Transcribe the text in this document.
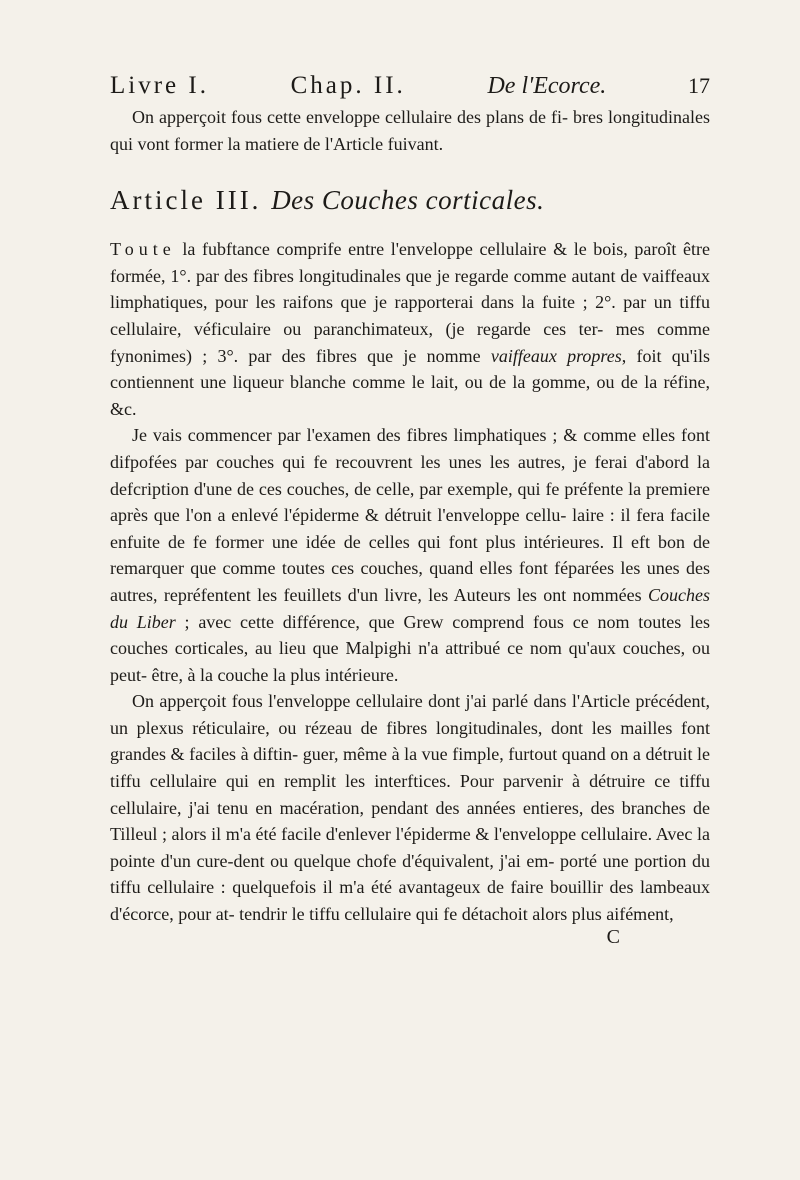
Livre I.	Chap. II.	De l'Ecorce.	17

On apperçoit fous cette enveloppe cellulaire des plans de fi- bres longitudinales qui vont former la matiere de l'Article fuivant.

Article III. Des Couches corticales.

Toute la fubftance comprife entre l'enveloppe cellulaire & le bois, paroît être formée, 1°. par des fibres longitudinales que je regarde comme autant de vaiffeaux limphatiques, pour les raifons que je rapporterai dans la fuite ; 2°. par un tiffu cellulaire, véficulaire ou paranchimateux, (je regarde ces ter- mes comme fynonimes) ; 3°. par des fibres que je nomme vaiffeaux propres, foit qu'ils contiennent une liqueur blanche comme le lait, ou de la gomme, ou de la réfine, &c.

Je vais commencer par l'examen des fibres limphatiques ; & comme elles font difpofées par couches qui fe recouvrent les unes les autres, je ferai d'abord la defcription d'une de ces couches, de celle, par exemple, qui fe préfente la premiere après que l'on a enlevé l'épiderme & détruit l'enveloppe cellu- laire : il fera facile enfuite de fe former une idée de celles qui font plus intérieures. Il eft bon de remarquer que comme toutes ces couches, quand elles font féparées les unes des autres, repréfentent les feuillets d'un livre, les Auteurs les ont nommées Couches du Liber ; avec cette différence, que Grew comprend fous ce nom toutes les couches corticales, au lieu que Malpighi n'a attribué ce nom qu'aux couches, ou peut- être, à la couche la plus intérieure.

On apperçoit fous l'enveloppe cellulaire dont j'ai parlé dans l'Article précédent, un plexus réticulaire, ou rézeau de fibres longitudinales, dont les mailles font grandes & faciles à diftin- guer, même à la vue fimple, furtout quand on a détruit le tiffu cellulaire qui en remplit les interftices. Pour parvenir à détruire ce tiffu cellulaire, j'ai tenu en macération, pendant des années entieres, des branches de Tilleul ; alors il m'a été facile d'enlever l'épiderme & l'enveloppe cellulaire. Avec la pointe d'un cure-dent ou quelque chofe d'équivalent, j'ai em- porté une portion du tiffu cellulaire : quelquefois il m'a été avantageux de faire bouillir des lambeaux d'écorce, pour at- tendrir le tiffu cellulaire qui fe détachoit alors plus aifément,

C
